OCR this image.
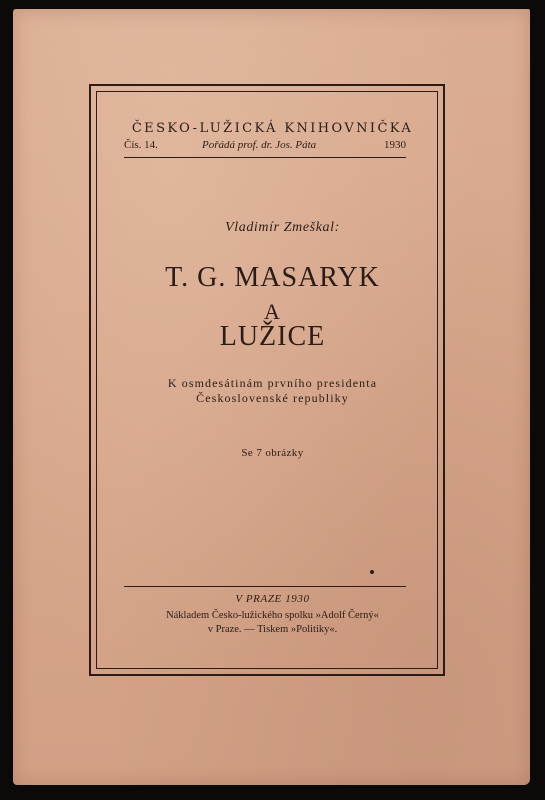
ČESKO-LUŽICKÁ KNIHOVNIČKA
Čís. 14.	Pořádá prof. dr. Jos. Páta	1930
Vladimír Zmeškal:
T. G. MASARYK
A
LUŽICE
K osmdesátinám prvního presidenta
Československé republiky
Se 7 obrázky
V PRAZE 1930
Nákladem Česko-lužického spolku »Adolf Černý«
v Praze. — Tiskem »Politiky«.
